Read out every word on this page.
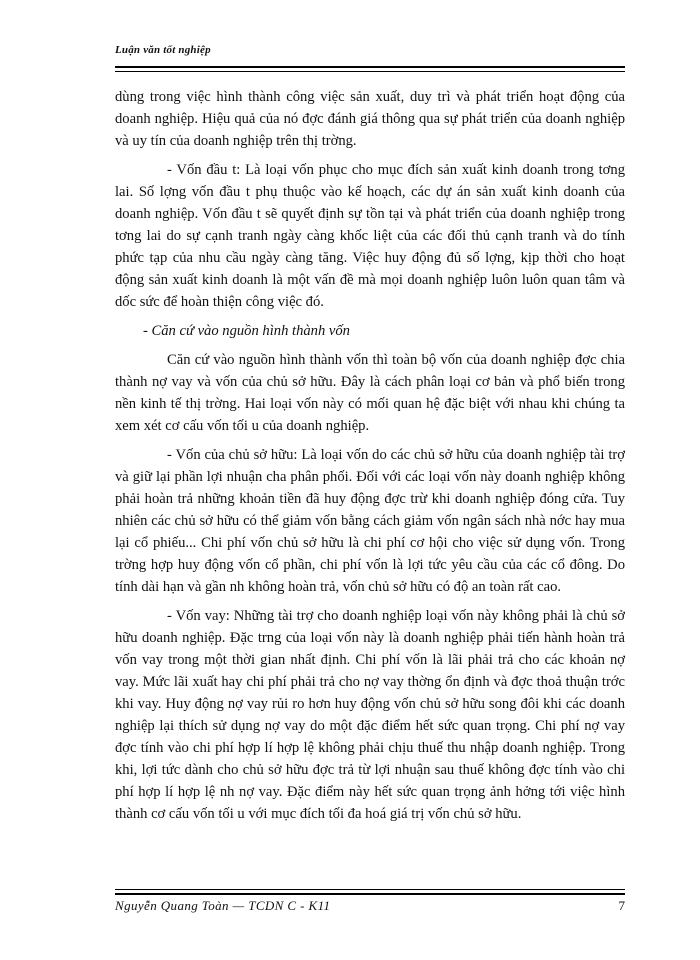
Luận văn tốt nghiệp

dùng trong việc hình thành công việc sản xuất, duy trì và phát triển hoạt động của doanh nghiệp. Hiệu quả của nó đợc đánh giá thông qua sự phát triển của doanh nghiệp và uy tín của doanh nghiệp trên thị trờng.

- Vốn đầu t: Là loại vốn phục cho mục đích sản xuất kinh doanh trong tơng lai. Số lợng vốn đầu t phụ thuộc vào kế hoạch, các dự án sản xuất kinh doanh của doanh nghiệp. Vốn đầu t sẽ quyết định sự tồn tại và phát triển của doanh nghiệp trong tơng lai do sự cạnh tranh ngày càng khốc liệt của các đối thủ cạnh tranh và do tính phức tạp của nhu cầu ngày càng tăng. Việc huy động đủ số lợng, kịp thời cho hoạt động sản xuất kinh doanh là một vấn đề mà mọi doanh nghiệp luôn luôn quan tâm và dốc sức để hoàn thiện công việc đó.

- Căn cứ vào nguồn hình thành vốn

Căn cứ vào nguồn hình thành vốn thì toàn bộ vốn của doanh nghiệp đợc chia thành nợ vay và vốn của chủ sở hữu. Đây là cách phân loại cơ bản và phổ biến trong nền kinh tế thị trờng. Hai loại vốn này có mối quan hệ đặc biệt với nhau khi chúng ta xem xét cơ cấu vốn tối u của doanh nghiệp.

- Vốn của chủ sở hữu: Là loại vốn do các chủ sở hữu của doanh nghiệp tài trợ và giữ lại phần lợi nhuận cha phân phối. Đối với các loại vốn này doanh nghiệp không phải hoàn trả những khoản tiền đã huy động đợc trừ khi doanh nghiệp đóng cửa. Tuy nhiên các chủ sở hữu có thể giảm vốn bằng cách giảm vốn ngân sách nhà nớc hay mua lại cổ phiếu... Chi phí vốn chủ sở hữu là chi phí cơ hội cho việc sử dụng vốn. Trong trờng hợp huy động vốn cổ phần, chi phí vốn là lợi tức yêu cầu của các cổ đông. Do tính dài hạn và gần nh không hoàn trả, vốn chủ sở hữu có độ an toàn rất cao.

- Vốn vay: Những tài trợ cho doanh nghiệp loại vốn này không phải là chủ sở hữu doanh nghiệp. Đặc trng của loại vốn này là doanh nghiệp phải tiến hành hoàn trả vốn vay trong một thời gian nhất định. Chi phí vốn là lãi phải trả cho các khoản nợ vay. Mức lãi xuất hay chi phí phải trả cho nợ vay thờng ổn định và đợc thoả thuận trớc khi vay. Huy động nợ vay rủi ro hơn huy động vốn chủ sở hữu song đôi khi các doanh nghiệp lại thích sử dụng nợ vay do một đặc điểm hết sức quan trọng. Chi phí nợ vay đợc tính vào chi phí hợp lí hợp lệ không phải chịu thuế thu nhập doanh nghiệp. Trong khi, lợi tức dành cho chủ sở hữu đợc trả từ lợi nhuận sau thuế không đợc tính vào chi phí hợp lí hợp lệ nh nợ vay. Đặc điểm này hết sức quan trọng ảnh hởng tới việc hình thành cơ cấu vốn tối u với mục đích tối đa hoá giá trị vốn chủ sở hữu.

Nguyễn Quang Toàn — TCDN C - K11	7
